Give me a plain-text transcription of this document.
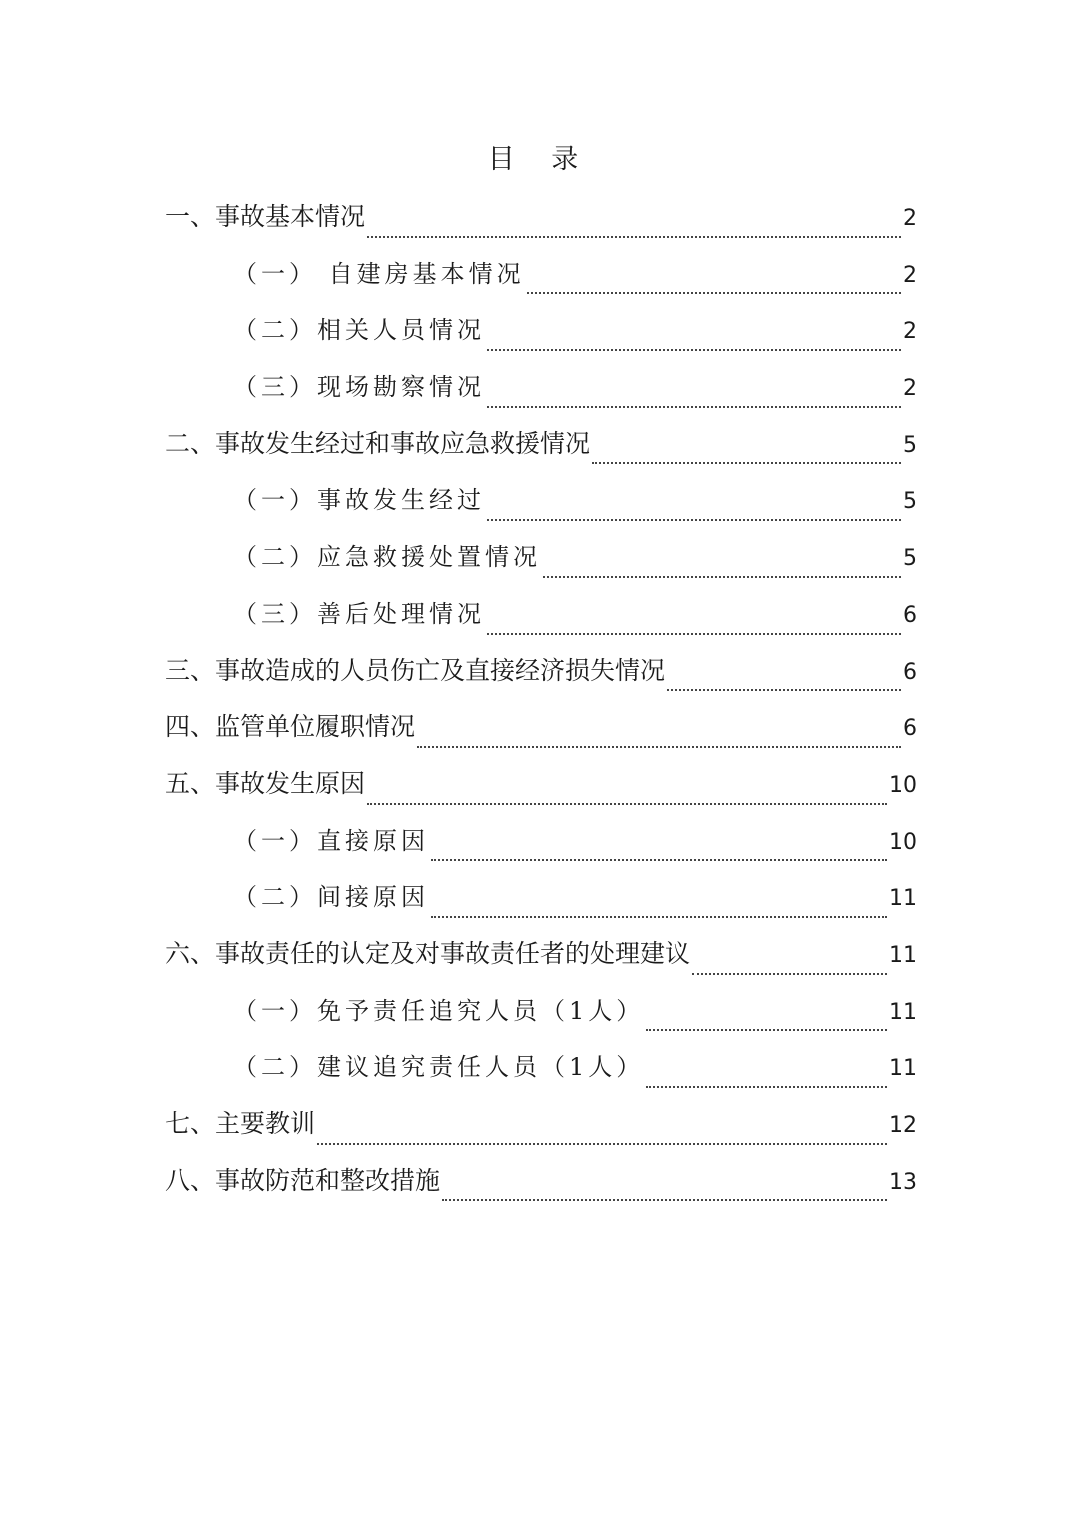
目 录
一、事故基本情况	2
（一） 自建房基本情况	2
（二）相关人员情况	2
（三）现场勘察情况	2
二、事故发生经过和事故应急救援情况	5
（一）事故发生经过	5
（二）应急救援处置情况	5
（三）善后处理情况	6
三、事故造成的人员伤亡及直接经济损失情况	6
四、监管单位履职情况	6
五、事故发生原因	10
（一）直接原因	10
（二）间接原因	11
六、事故责任的认定及对事故责任者的处理建议	11
（一）免予责任追究人员（1人）	11
（二）建议追究责任人员（1人）	11
七、主要教训	12
八、事故防范和整改措施	13
